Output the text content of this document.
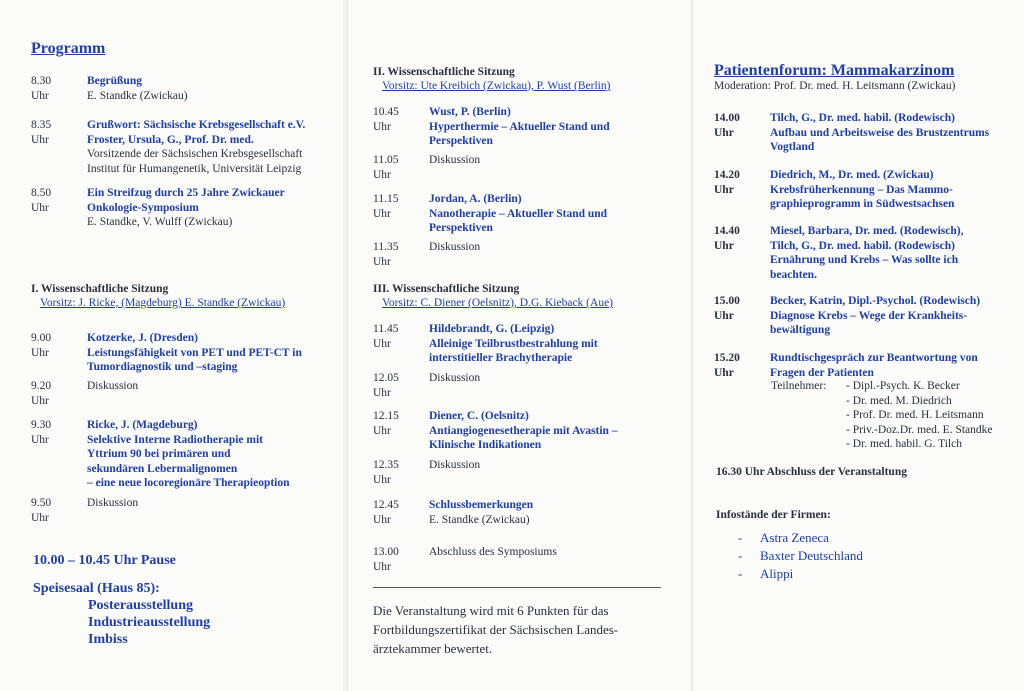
Programm
8.30 Uhr
Begrüßung
E. Standke (Zwickau)
8.35 Uhr
Grußwort: Sächsische Krebsgesellschaft e.V.
Froster, Ursula, G., Prof. Dr. med.
Vorsitzende der Sächsischen Krebsgesellschaft
Institut für Humangenetik, Universität Leipzig
8.50 Uhr
Ein Streifzug durch 25 Jahre Zwickauer
Onkologie-Symposium
E. Standke, V. Wulff (Zwickau)
I. Wissenschaftliche Sitzung
Vorsitz: J. Ricke, (Magdeburg) E. Standke (Zwickau)
9.00 Uhr
Kotzerke, J. (Dresden)
Leistungsfähigkeit von PET und PET-CT in
Tumordiagnostik und –staging
9.20 Uhr
Diskussion
9.30 Uhr
Ricke, J. (Magdeburg)
Selektive Interne Radiotherapie mit
Yttrium 90 bei primären und
sekundären Lebermalignomen
– eine neue locoregionäre Therapieoption
9.50 Uhr
Diskussion
10.00 – 10.45 Uhr Pause
Speisesaal (Haus 85):
Posterausstellung
Industrieausstellung
Imbiss
II. Wissenschaftliche Sitzung
Vorsitz: Ute Kreibich (Zwickau), P. Wust (Berlin)
10.45 Uhr
Wust, P. (Berlin)
Hyperthermie – Aktueller Stand und
Perspektiven
11.05 Uhr
Diskussion
11.15 Uhr
Jordan, A. (Berlin)
Nanotherapie – Aktueller Stand und
Perspektiven
11.35 Uhr
Diskussion
III. Wissenschaftliche Sitzung
Vorsitz: C. Diener (Oelsnitz), D.G. Kieback (Aue)
11.45 Uhr
Hildebrandt, G. (Leipzig)
Alleinige Teilbrustbestrahlung mit
interstitieller Brachytherapie
12.05 Uhr
Diskussion
12.15 Uhr
Diener, C. (Oelsnitz)
Antiangiogenesetherapie mit Avastin –
Klinische Indikationen
12.35 Uhr
Diskussion
12.45 Uhr
Schlussbemerkungen
E. Standke (Zwickau)
13.00 Uhr
Abschluss des Symposiums
Die Veranstaltung wird mit 6 Punkten für das
Fortbildungszertifikat der Sächsischen Landes-
ärztekammer bewertet.
Patientenforum: Mammakarzinom
Moderation: Prof. Dr. med. H. Leitsmann (Zwickau)
14.00 Uhr
Tilch, G., Dr. med. habil. (Rodewisch)
Aufbau und Arbeitsweise des Brustzentrums
Vogtland
14.20 Uhr
Diedrich, M., Dr. med. (Zwickau)
Krebsfrüherkennung – Das Mammo-
graphieprogramm in Südwestsachsen
14.40 Uhr
Miesel, Barbara, Dr. med. (Rodewisch),
Tilch, G., Dr. med. habil. (Rodewisch)
Ernährung und Krebs – Was sollte ich
beachten.
15.00 Uhr
Becker, Katrin, Dipl.-Psychol. (Rodewisch)
Diagnose Krebs – Wege der Krankheits-
bewältigung
15.20 Uhr
Rundtischgespräch zur Beantwortung von
Fragen der Patienten
Teilnehmer: - Dipl.-Psych. K. Becker
- Dr. med. M. Diedrich
- Prof. Dr. med. H. Leitsmann
- Priv.-Doz.Dr. med. E. Standke
- Dr. med. habil. G. Tilch
16.30 Uhr Abschluss der Veranstaltung
Infostände der Firmen:
- Astra Zeneca
- Baxter Deutschland
- Alippi
